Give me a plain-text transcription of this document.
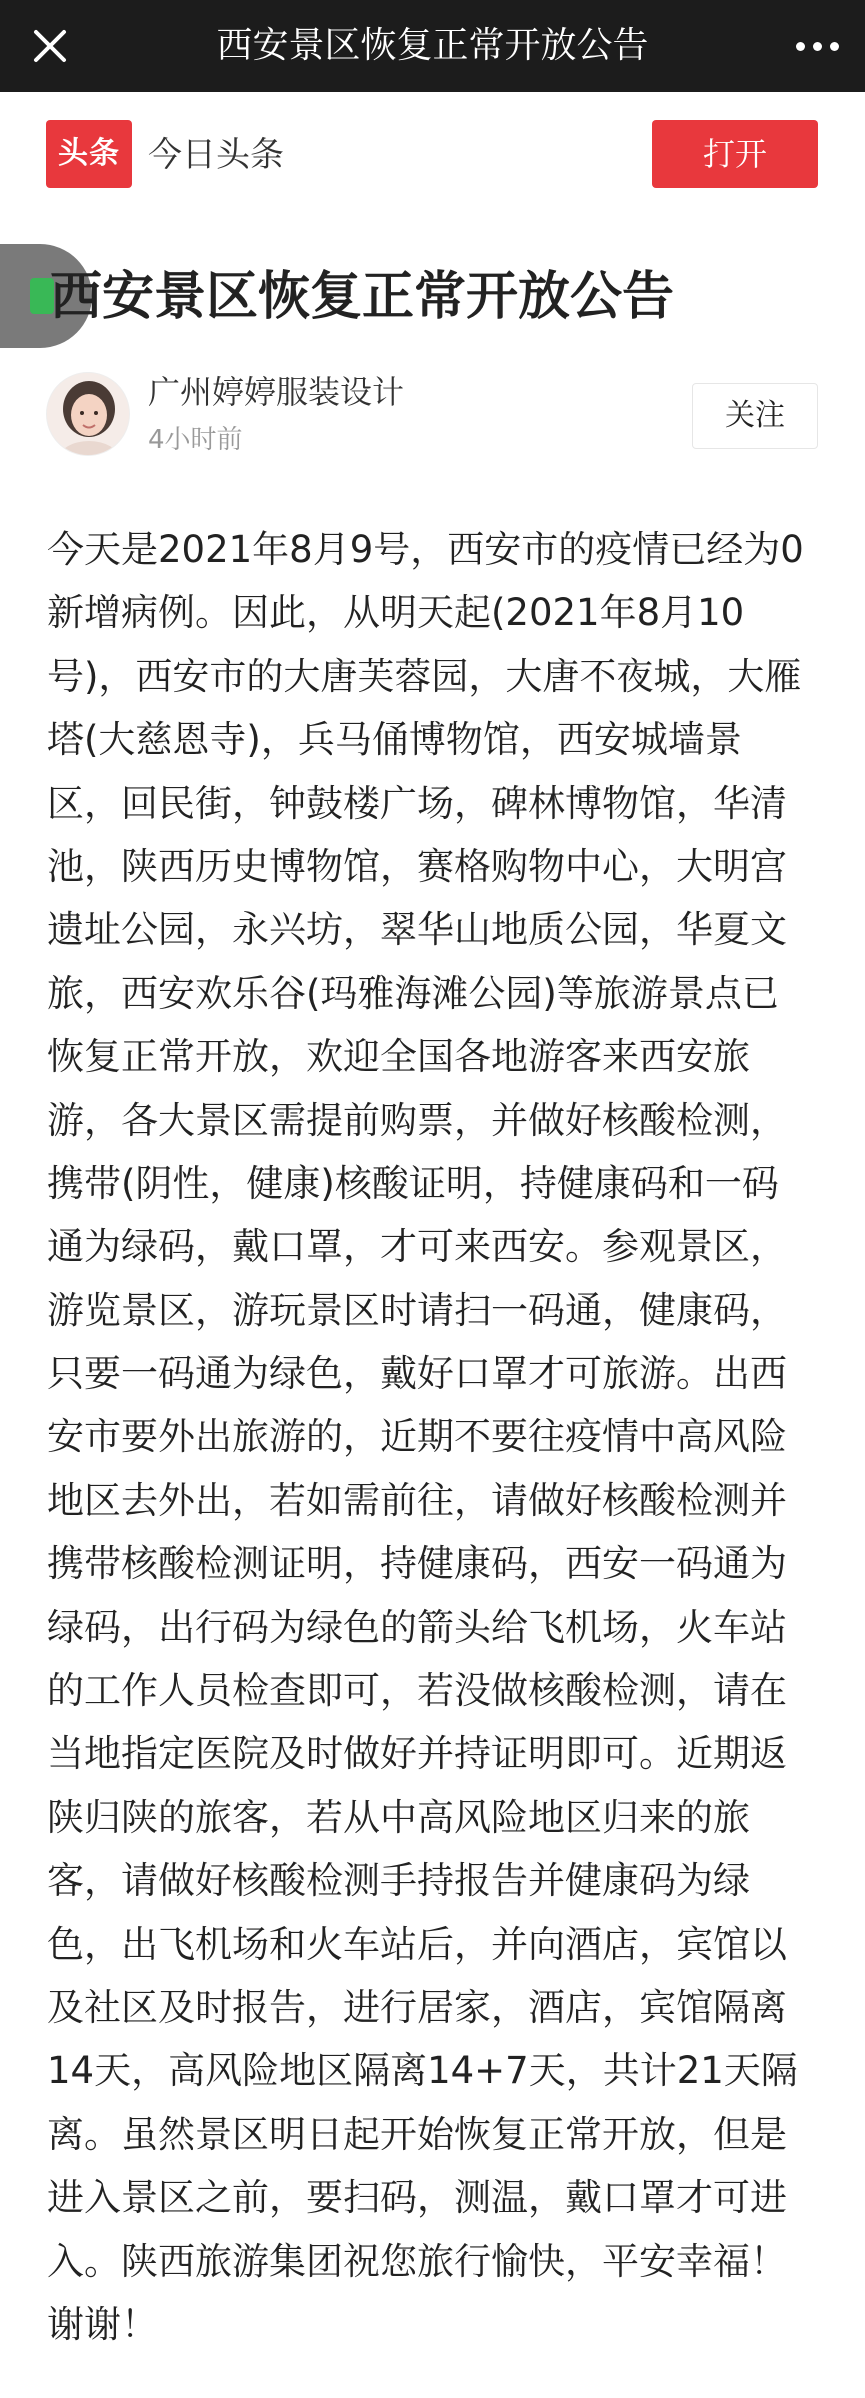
西安景区恢复正常开放公告
头条 今日头条	打开
西安景区恢复正常开放公告
广州婷婷服装设计
4小时前
关注

今天是2021年8月9号，西安市的疫情已经为0

新增病例。因此，从明天起(2021年8月10

号)，西安市的大唐芙蓉园，大唐不夜城，大雁

塔(大慈恩寺)，兵马俑博物馆，西安城墙景

区，回民街，钟鼓楼广场，碑林博物馆，华清

池，陕西历史博物馆，赛格购物中心，大明宫

遗址公园，永兴坊，翠华山地质公园，华夏文

旅，西安欢乐谷(玛雅海滩公园)等旅游景点已

恢复正常开放，欢迎全国各地游客来西安旅

游，各大景区需提前购票，并做好核酸检测，

携带(阴性，健康)核酸证明，持健康码和一码

通为绿码，戴口罩，才可来西安。参观景区，

游览景区，游玩景区时请扫一码通，健康码，

只要一码通为绿色，戴好口罩才可旅游。出西

安市要外出旅游的，近期不要往疫情中高风险

地区去外出，若如需前往，请做好核酸检测并

携带核酸检测证明，持健康码，西安一码通为

绿码，出行码为绿色的箭头给飞机场，火车站

的工作人员检查即可，若没做核酸检测，请在

当地指定医院及时做好并持证明即可。近期返

陕归陕的旅客，若从中高风险地区归来的旅

客，请做好核酸检测手持报告并健康码为绿

色，出飞机场和火车站后，并向酒店，宾馆以

及社区及时报告，进行居家，酒店，宾馆隔离

14天，高风险地区隔离14+7天，共计21天隔

离。虽然景区明日起开始恢复正常开放，但是

进入景区之前，要扫码，测温，戴口罩才可进

入。陕西旅游集团祝您旅行愉快，平安幸福！

谢谢！
